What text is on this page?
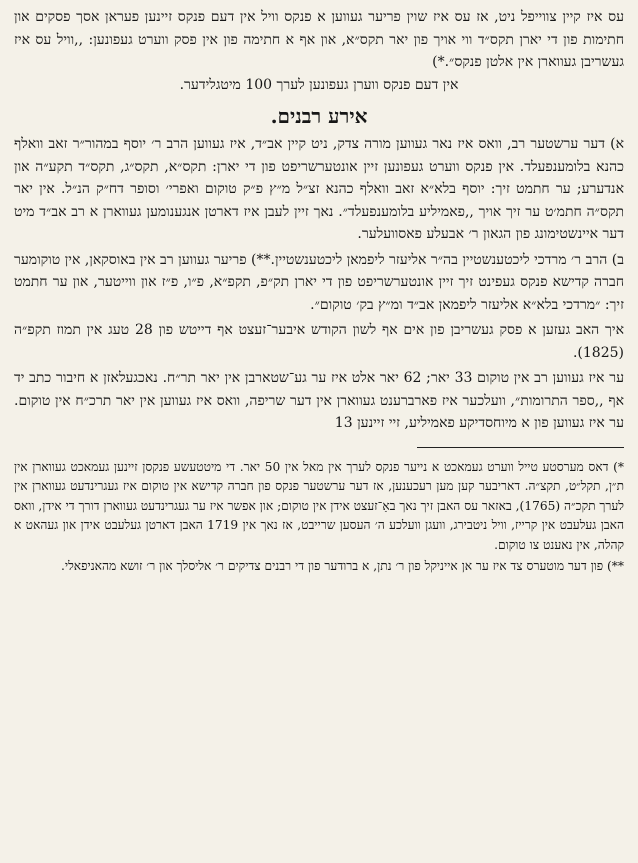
עס איז קיין צווייפל ניט, אז עס איז שוין פריער געווען א פנקס וויל אין דעם פנקס זיינען פעראן אסך פסקים און חתימות פון די יארן תקס״ד ווי אויך פון יאר תקס״א, און אף א חתימה פון אין פסק ווערט געפונען: ,,וויל עס איז געשריבן געווארן אין אלטן פנקס״.*)

אין דעם פנקס ווערן געפונען לערך 100 מיטגלידער.

אירע רבנים.

א) דער ערשטער רב, וואס איז נאר געווען מורה צדק, ניט קיין אב״ד, איז געווען הרב ר׳ יוסף במהור״ר זאב וואלף כהנא בלומענפעלד. אין פנקס ווערט געפונען זיין אונטערשריפט פון די יארן: תקס״א, תקס״ג, תקס״ד תקע״ה און אנדערע; ער חתמט זיך: יוסף בלא״א זאב וואלף כהנא זצ״ל מ״ץ פ״ק טוקום ואפרי׳ וסופר דח״ק הנ״ל. אין יאר תקס״ה חתמ׳ט ער זיך אויך ,,פאמיליע בלומענפעלד״. נאך זיין לעבן איז דארטן אנגענומען געווארן א רב אב״ד מיט דער איינשטימונג פון הגאון ר׳ אבעלע פאסוועלער.

ב) הרב ר׳ מרדכי ליכטענשטיין בה״ר אליעזר ליפמאן ליכטענשטיין.**) פריער געווען רב אין באוסקאן, אין טוקומער חברה קדישא פנקס געפינט זיך זיין אונטערשריפט פון די יארן תק״פ, תקפ״א, פ״ו, פ״ז און ווייטער, און ער חתמט זיך: ״מרדכי בלא״א אליעזר ליפמאן אב״ד ומ״ץ בק׳ טוקום״.

איך האב געזען א פסק געשריבן פון אים אף לשון הקודש איבער־זעצט אף דייטש פון 28 טעג אין תמוז תקפ״ה (1825).

ער איז געווען רב אין טוקום 33 יאר; 62 יאר אלט איז ער גע־שטארבן אין יאר תר״ח. נאכגעלאזן א חיבור כתב יד אף ,,ספר התרומות״, וועלכער איז פארברענט געווארן אין דער שריפה, וואס איז געווען אין יאר תרכ״ח אין טוקום. ער איז געווען פון א מיוחסדיקע פאמיליע, זיי זיינען 13

*) דאס מערסטע טייל ווערט געמאכט א נייער פנקס לערך אין מאל אין 50 יאר. די מיטטעשע פנקסן זיינען געמאכט געווארן אין ת״ן, תקל״ט, תקצ״ה. דאריבער קען מען רעכענען, אז דער ערשטער פנקס פון חברה קדישא אין טוקום איז געגרינדעט געווארן אין לערך תקכ״ה (1765), באזאר עס האבן זיך נאך באַ־זעצט אידן אין טוקום; און אפשר איז ער געגרינדעט געווארן דורך די אידן, וואס האבן געלעבט אין קרייז, וויל ניטבירג, וועגן וועלכע ה׳ העסען שרייבט, אז נאך אין 1719 האבן דארטן געלעבט אידן און געהאט א קהלה, אין נאענט צו טוקום.

**) פון דער מוטערס צד איז ער אן אייניקל פון ר׳ נתן, א ברודער פון די רבנים צדיקים ר׳ אליסלך און ר׳ זושא מהאניפאלי.
